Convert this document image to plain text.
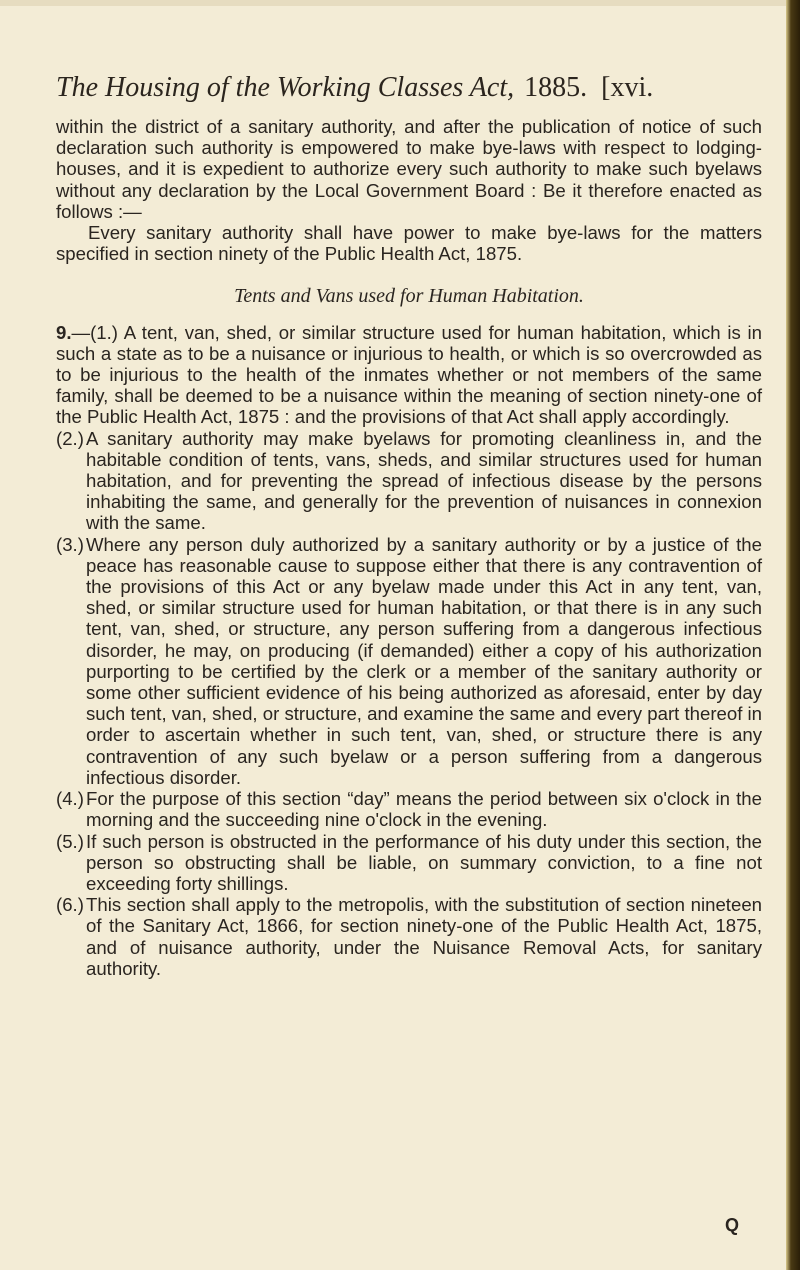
The Housing of the Working Classes Act, 1885. [xvi.

within the district of a sanitary authority, and after the publication of notice of such declaration such authority is empowered to make bye-laws with respect to lodging-houses, and it is expedient to authorize every such authority to make such byelaws without any declaration by the Local Government Board : Be it therefore enacted as follows :—

Every sanitary authority shall have power to make bye-laws for the matters specified in section ninety of the Public Health Act, 1875.

Tents and Vans used for Human Habitation.

9.—(1.) A tent, van, shed, or similar structure used for human habitation, which is in such a state as to be a nuisance or injurious to health, or which is so overcrowded as to be injurious to the health of the inmates whether or not members of the same family, shall be deemed to be a nuisance within the meaning of section ninety-one of the Public Health Act, 1875 : and the provisions of that Act shall apply accordingly.

(2.) A sanitary authority may make byelaws for promoting cleanliness in, and the habitable condition of tents, vans, sheds, and similar structures used for human habitation, and for preventing the spread of infectious disease by the persons inhabiting the same, and generally for the prevention of nuisances in connexion with the same.
(3.) Where any person duly authorized by a sanitary authority or by a justice of the peace has reasonable cause to suppose either that there is any contravention of the provisions of this Act or any byelaw made under this Act in any tent, van, shed, or similar structure used for human habitation, or that there is in any such tent, van, shed, or structure, any person suffering from a dangerous infectious disorder, he may, on producing (if demanded) either a copy of his authorization purporting to be certified by the clerk or a member of the sanitary authority or some other sufficient evidence of his being authorized as aforesaid, enter by day such tent, van, shed, or structure, and examine the same and every part thereof in order to ascertain whether in such tent, van, shed, or structure there is any contravention of any such byelaw or a person suffering from a dangerous infectious disorder.
(4.) For the purpose of this section “day” means the period between six o'clock in the morning and the succeeding nine o'clock in the evening.
(5.) If such person is obstructed in the performance of his duty under this section, the person so obstructing shall be liable, on summary conviction, to a fine not exceeding forty shillings.
(6.) This section shall apply to the metropolis, with the substitution of section nineteen of the Sanitary Act, 1866, for section ninety-one of the Public Health Act, 1875, and of nuisance authority, under the Nuisance Removal Acts, for sanitary authority.
Q
